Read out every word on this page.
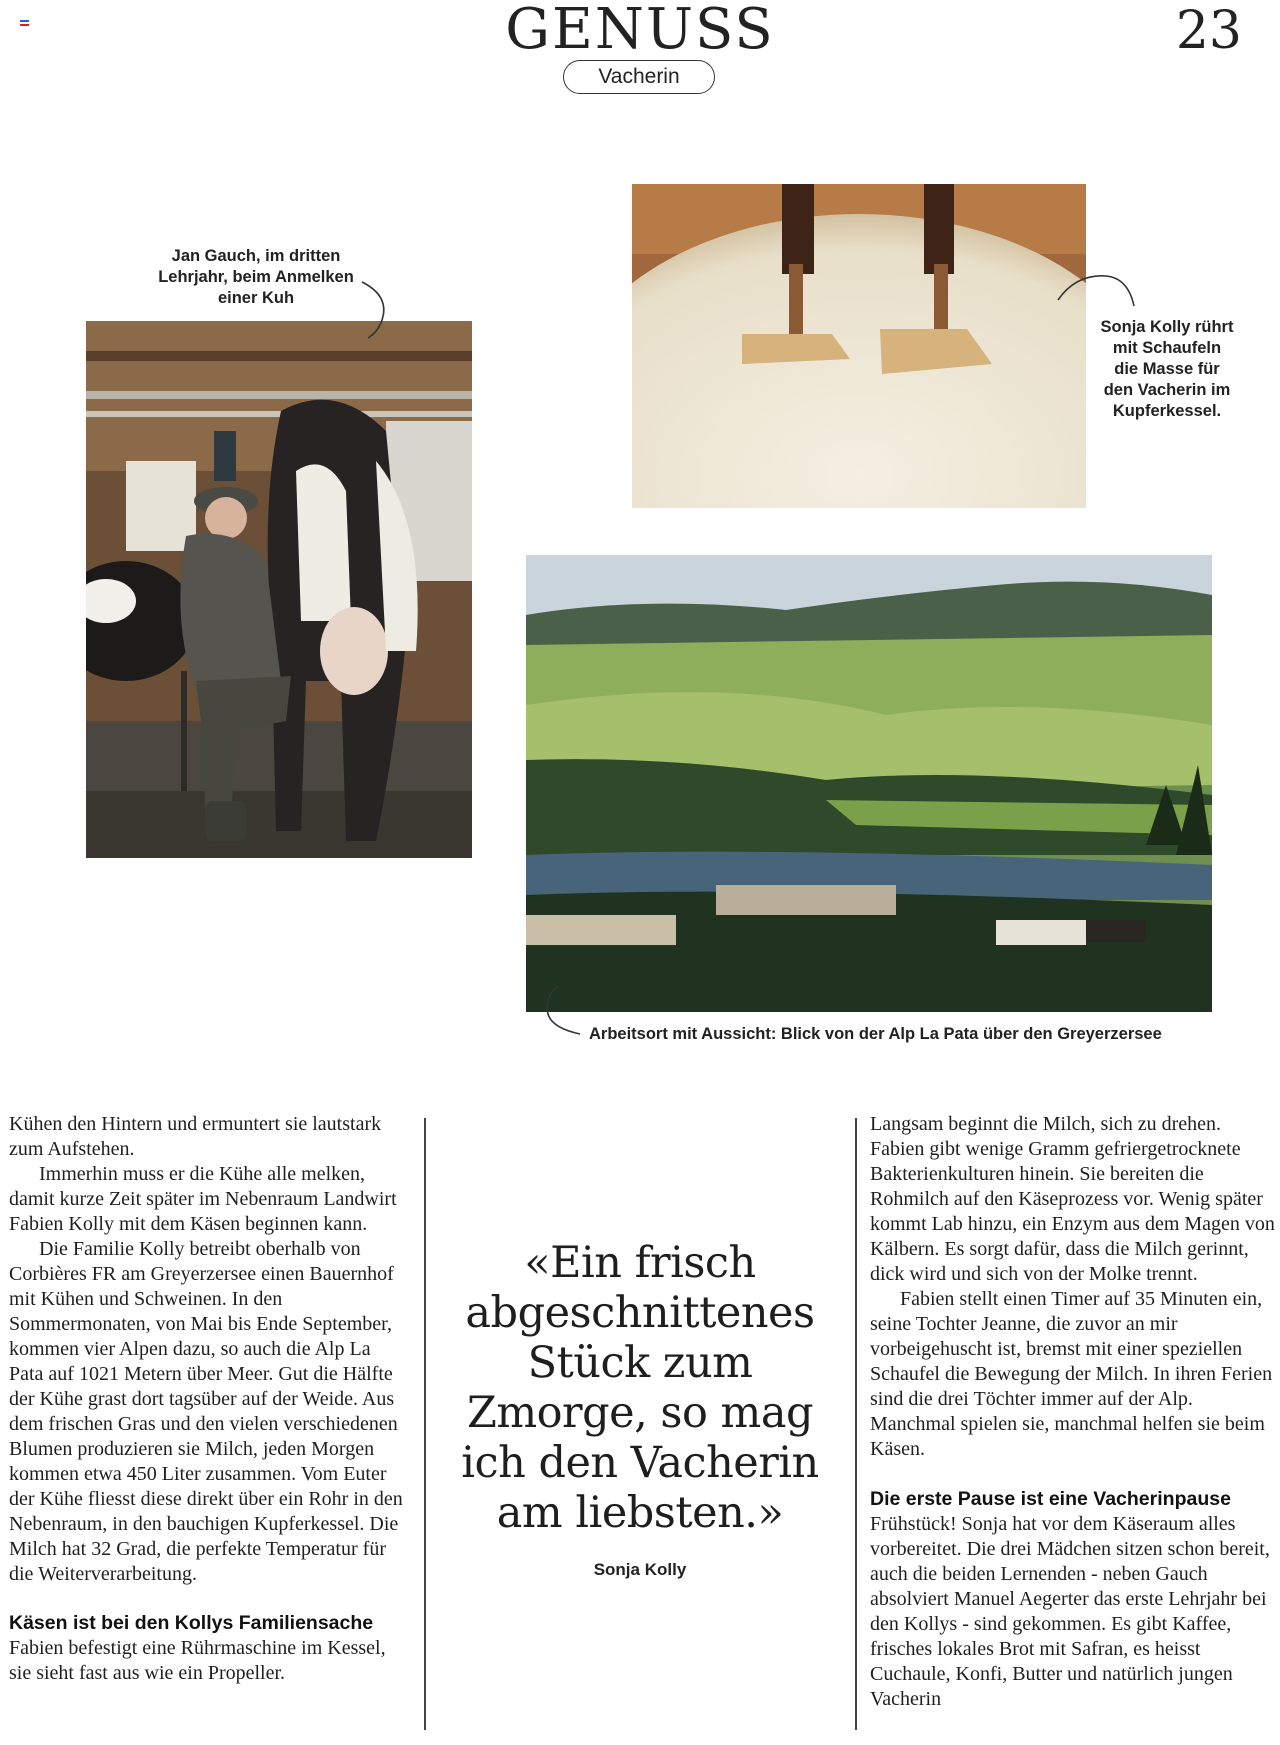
GENUSS
Vacherin
23
Jan Gauch, im dritten Lehrjahr, beim Anmelken einer Kuh
Sonja Kolly rührt mit Schaufeln die Masse für den Vacherin im Kupferkessel.
Arbeitsort mit Aussicht: Blick von der Alp La Pata über den Greyerzersee

Kühen den Hintern und ermuntert sie lautstark zum Aufstehen.

Immerhin muss er die Kühe alle melken, damit kurze Zeit später im Nebenraum Landwirt Fabien Kolly mit dem Käsen beginnen kann.

Die Familie Kolly betreibt oberhalb von Corbières FR am Greyerzersee einen Bauernhof mit Kühen und Schweinen. In den Sommermonaten, von Mai bis Ende September, kommen vier Alpen dazu, so auch die Alp La Pata auf 1021 Metern über Meer. Gut die Hälfte der Kühe grast dort tagsüber auf der Weide. Aus dem frischen Gras und den vielen verschiedenen Blumen produzieren sie Milch, jeden Morgen kommen etwa 450 Liter zusammen. Vom Euter der Kühe fliesst diese direkt über ein Rohr in den Nebenraum, in den bauchigen Kupferkessel. Die Milch hat 32 Grad, die perfekte Temperatur für die Weiterverarbeitung.

Käsen ist bei den Kollys Familiensache

Fabien befestigt eine Rührmaschine im Kessel, sie sieht fast aus wie ein Propeller.

«Ein frisch abgeschnittenes Stück zum Zmorge, so mag ich den Vacherin am liebsten.»
Sonja Kolly

Langsam beginnt die Milch, sich zu drehen. Fabien gibt wenige Gramm gefriergetrocknete Bakterienkulturen hinein. Sie bereiten die Rohmilch auf den Käseprozess vor. Wenig später kommt Lab hinzu, ein Enzym aus dem Magen von Kälbern. Es sorgt dafür, dass die Milch gerinnt, dick wird und sich von der Molke trennt.

Fabien stellt einen Timer auf 35 Minuten ein, seine Tochter Jeanne, die zuvor an mir vorbeigehuscht ist, bremst mit einer speziellen Schaufel die Bewegung der Milch. In ihren Ferien sind die drei Töchter immer auf der Alp. Manchmal spielen sie, manchmal helfen sie beim Käsen.

Die erste Pause ist eine Vacherinpause

Frühstück! Sonja hat vor dem Käseraum alles vorbereitet. Die drei Mädchen sitzen schon bereit, auch die beiden Lernenden - neben Gauch absolviert Manuel Aegerter das erste Lehrjahr bei den Kollys - sind gekommen. Es gibt Kaffee, frisches lokales Brot mit Safran, es heisst Cuchaule, Konfi, Butter und natürlich jungen Vacherin
